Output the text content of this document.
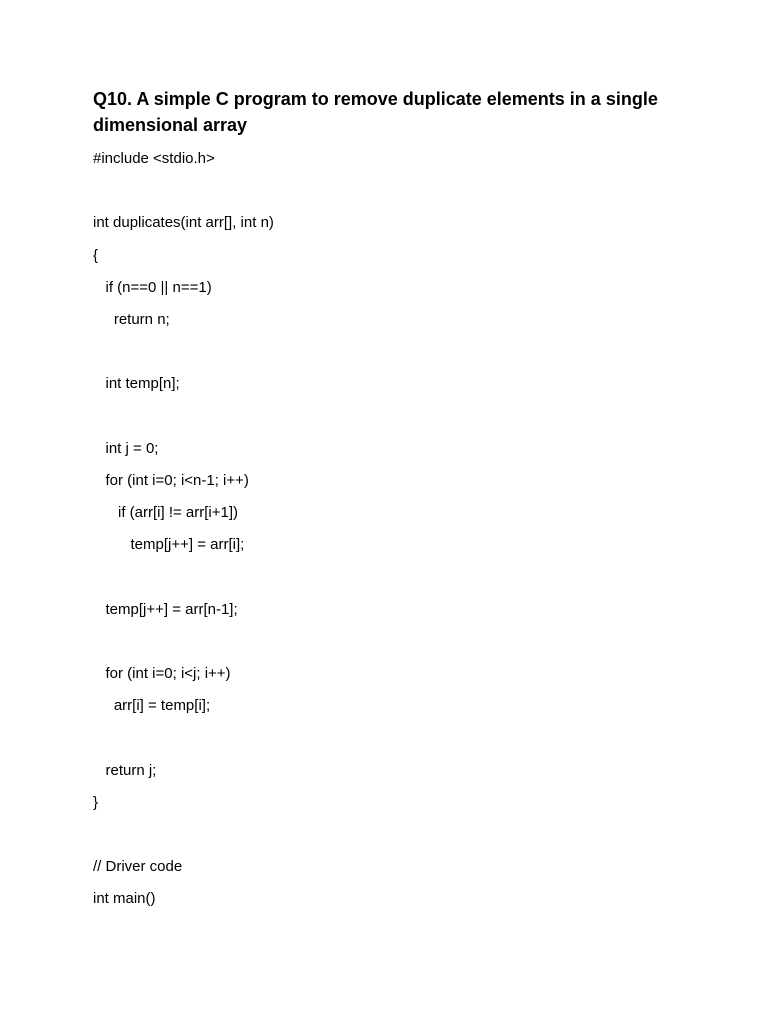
Q10. A simple C program to remove duplicate elements in a single dimensional array
#include <stdio.h>
int duplicates(int arr[], int n)
{
if (n==0 || n==1)
return n;
int temp[n];
int j = 0;
for (int i=0; i<n-1; i++)
if (arr[i] != arr[i+1])
temp[j++] = arr[i];
temp[j++] = arr[n-1];
for (int i=0; i<j; i++)
arr[i] = temp[i];
return j;
}
// Driver code
int main()
